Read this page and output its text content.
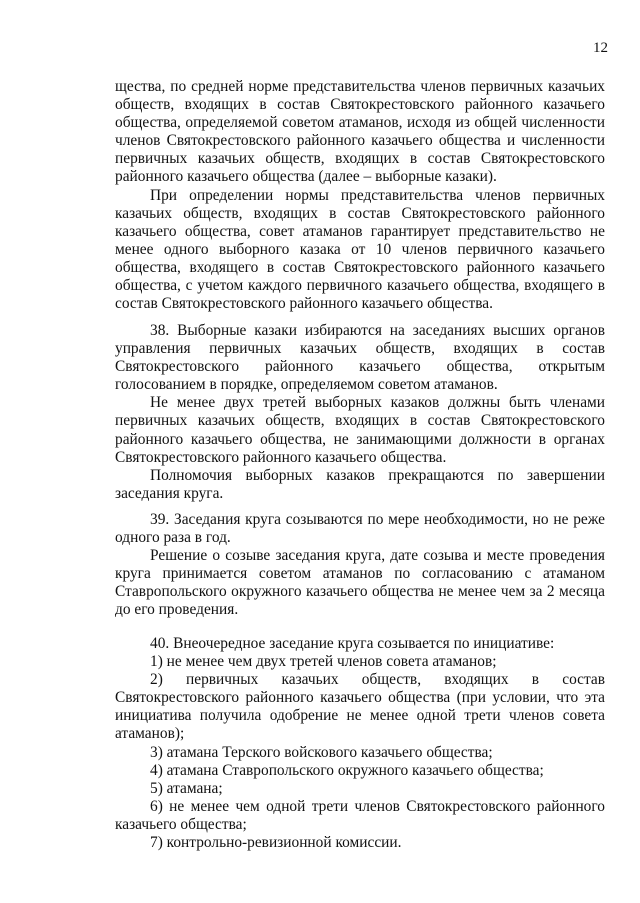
12

щества, по средней норме представительства членов первичных казачьих обществ, входящих в состав Святокрестовского районного казачьего общества, определяемой советом атаманов, исходя из общей численности членов Святокрестовского районного казачьего общества и численности первичных казачьих обществ, входящих в состав Святокрестовского районного казачьего общества (далее – выборные казаки).

При определении нормы представительства членов первичных казачьих обществ, входящих в состав Святокрестовского районного казачьего общества, совет атаманов гарантирует представительство не менее одного выборного казака от 10 членов первичного казачьего общества, входящего в состав Святокрестовского районного казачьего общества, с учетом каждого первичного казачьего общества, входящего в состав Святокрестовского районного казачьего общества.

38. Выборные казаки избираются на заседаниях высших органов управления первичных казачьих обществ, входящих в состав Святокрестовского районного казачьего общества, открытым голосованием в порядке, определяемом советом атаманов.

Не менее двух третей выборных казаков должны быть членами первичных казачьих обществ, входящих в состав Святокрестовского районного казачьего общества, не занимающими должности в органах Святокрестовского районного казачьего общества.

Полномочия выборных казаков прекращаются по завершении заседания круга.

39. Заседания круга созываются по мере необходимости, но не реже одного раза в год.

Решение о созыве заседания круга, дате созыва и месте проведения круга принимается советом атаманов по согласованию с атаманом Ставропольского окружного казачьего общества не менее чем за 2 месяца до его проведения.

40. Внеочередное заседание круга созывается по инициативе:

1) не менее чем двух третей членов совета атаманов;

2) первичных казачьих обществ, входящих в состав Святокрестовского районного казачьего общества (при условии, что эта инициатива получила одобрение не менее одной трети членов совета атаманов);

3) атамана Терского войскового казачьего общества;

4) атамана Ставропольского окружного казачьего общества;

5) атамана;

6) не менее чем одной трети членов Святокрестовского районного казачьего общества;

7) контрольно-ревизионной комиссии.
